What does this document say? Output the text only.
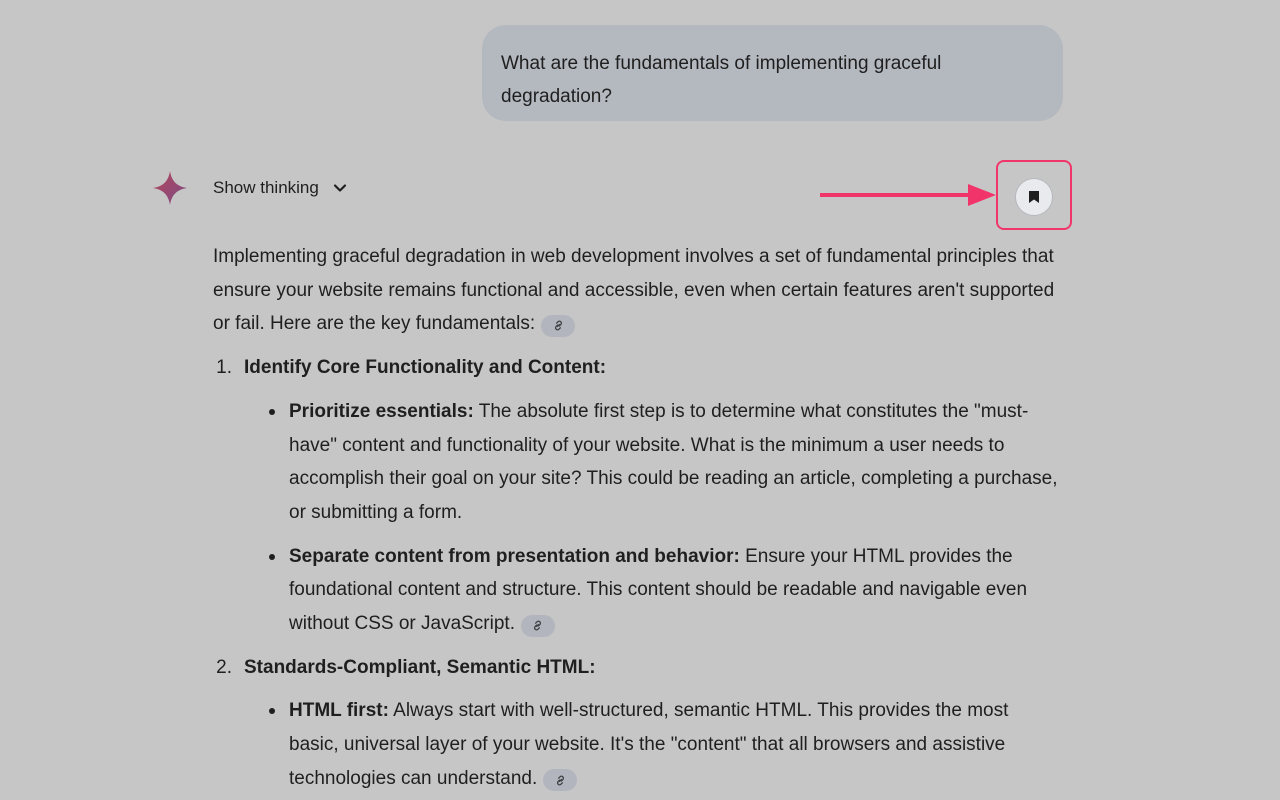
What are the fundamentals of implementing graceful degradation?
Show thinking

Implementing graceful degradation in web development involves a set of fundamental principles that ensure your website remains functional and accessible, even when certain features aren't supported or fail. Here are the key fundamentals:

1. Identify Core Functionality and Content:
Prioritize essentials: The absolute first step is to determine what constitutes the "must-have" content and functionality of your website. What is the minimum a user needs to accomplish their goal on your site? This could be reading an article, completing a purchase, or submitting a form.
Separate content from presentation and behavior: Ensure your HTML provides the foundational content and structure. This content should be readable and navigable even without CSS or JavaScript.
2. Standards-Compliant, Semantic HTML:
HTML first: Always start with well-structured, semantic HTML. This provides the most basic, universal layer of your website. It's the "content" that all browsers and assistive technologies can understand.
